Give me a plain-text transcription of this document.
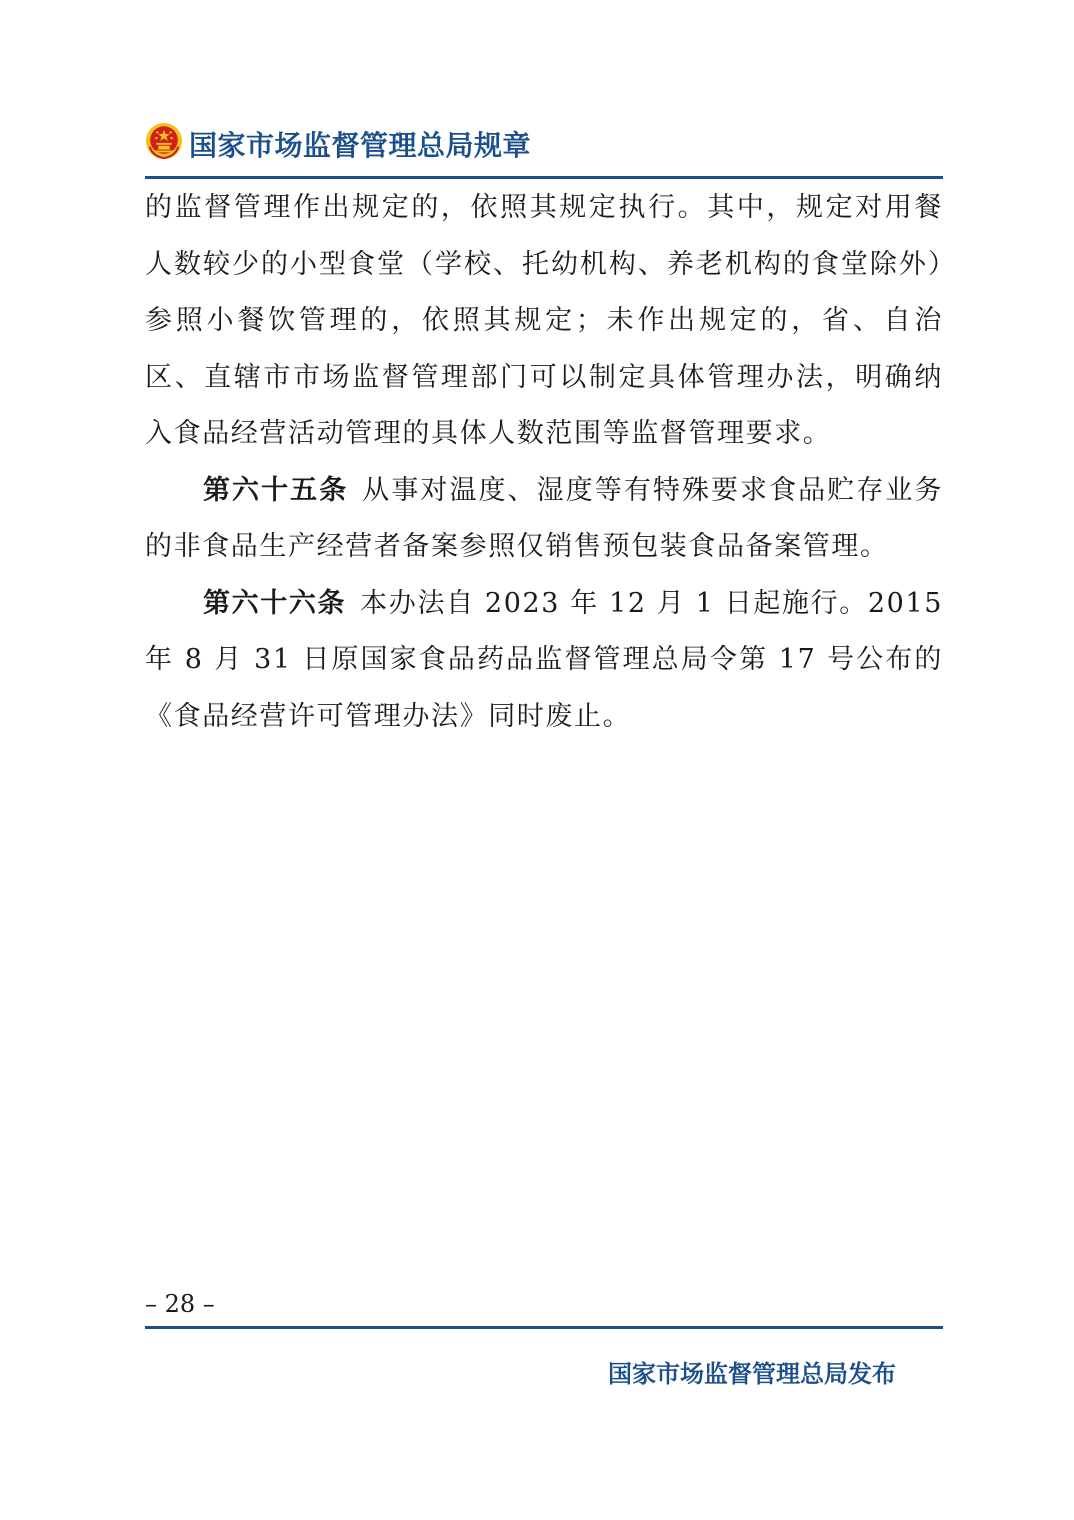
国家市场监督管理总局规章

的监督管理作出规定的，依照其规定执行。其中，规定对用餐人数较少的小型食堂（学校、托幼机构、养老机构的食堂除外）参照小餐饮管理的，依照其规定；未作出规定的，省、自治区、直辖市市场监督管理部门可以制定具体管理办法，明确纳入食品经营活动管理的具体人数范围等监督管理要求。

第六十五条 从事对温度、湿度等有特殊要求食品贮存业务的非食品生产经营者备案参照仅销售预包装食品备案管理。

第六十六条 本办法自 2023 年 12 月 1 日起施行。2015 年 8 月 31 日原国家食品药品监督管理总局令第 17 号公布的《食品经营许可管理办法》同时废止。

– 28 –
国家市场监督管理总局发布
